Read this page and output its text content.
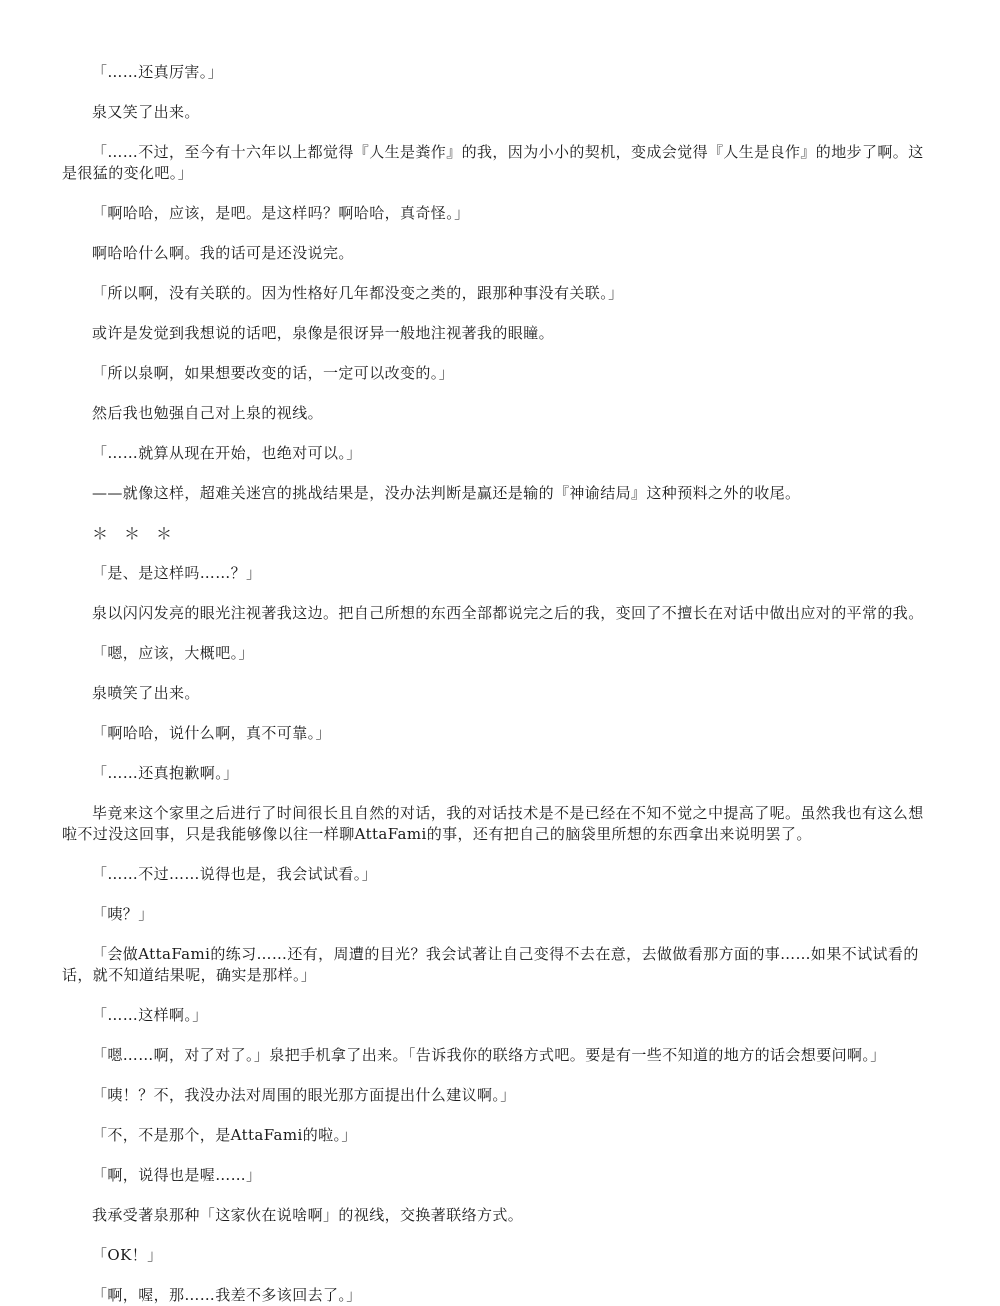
「……还真厉害。」

泉又笑了出来。

「……不过，至今有十六年以上都觉得『人生是粪作』的我，因为小小的契机，变成会觉得『人生是良作』的地步了啊。这是很猛的变化吧。」

「啊哈哈，应该，是吧。是这样吗？啊哈哈，真奇怪。」

啊哈哈什么啊。我的话可是还没说完。

「所以啊，没有关联的。因为性格好几年都没变之类的，跟那种事没有关联。」

或许是发觉到我想说的话吧，泉像是很讶异一般地注视著我的眼瞳。

「所以泉啊，如果想要改变的话，一定可以改变的。」

然后我也勉强自己对上泉的视线。

「……就算从现在开始，也绝对可以。」

——就像这样，超难关迷宫的挑战结果是，没办法判断是赢还是输的『神谕结局』这种预料之外的收尾。

＊　＊　＊

「是、是这样吗……？」

泉以闪闪发亮的眼光注视著我这边。把自己所想的东西全部都说完之后的我，变回了不擅长在对话中做出应对的平常的我。

「嗯，应该，大概吧。」

泉喷笑了出来。

「啊哈哈，说什么啊，真不可靠。」

「……还真抱歉啊。」

毕竟来这个家里之后进行了时间很长且自然的对话，我的对话技术是不是已经在不知不觉之中提高了呢。虽然我也有这么想啦不过没这回事，只是我能够像以往一样聊AttaFami的事，还有把自己的脑袋里所想的东西拿出来说明罢了。

「……不过……说得也是，我会试试看。」

「咦？」

「会做AttaFami的练习……还有，周遭的目光？我会试著让自己变得不去在意，去做做看那方面的事……如果不试试看的话，就不知道结果呢，确实是那样。」

「……这样啊。」

「嗯……啊，对了对了。」泉把手机拿了出来。「告诉我你的联络方式吧。要是有一些不知道的地方的话会想要问啊。」

「咦！？不，我没办法对周围的眼光那方面提出什么建议啊。」

「不，不是那个，是AttaFami的啦。」

「啊，说得也是喔……」

我承受著泉那种「这家伙在说啥啊」的视线，交换著联络方式。

「OK！」

「啊，喔，那……我差不多该回去了。」
